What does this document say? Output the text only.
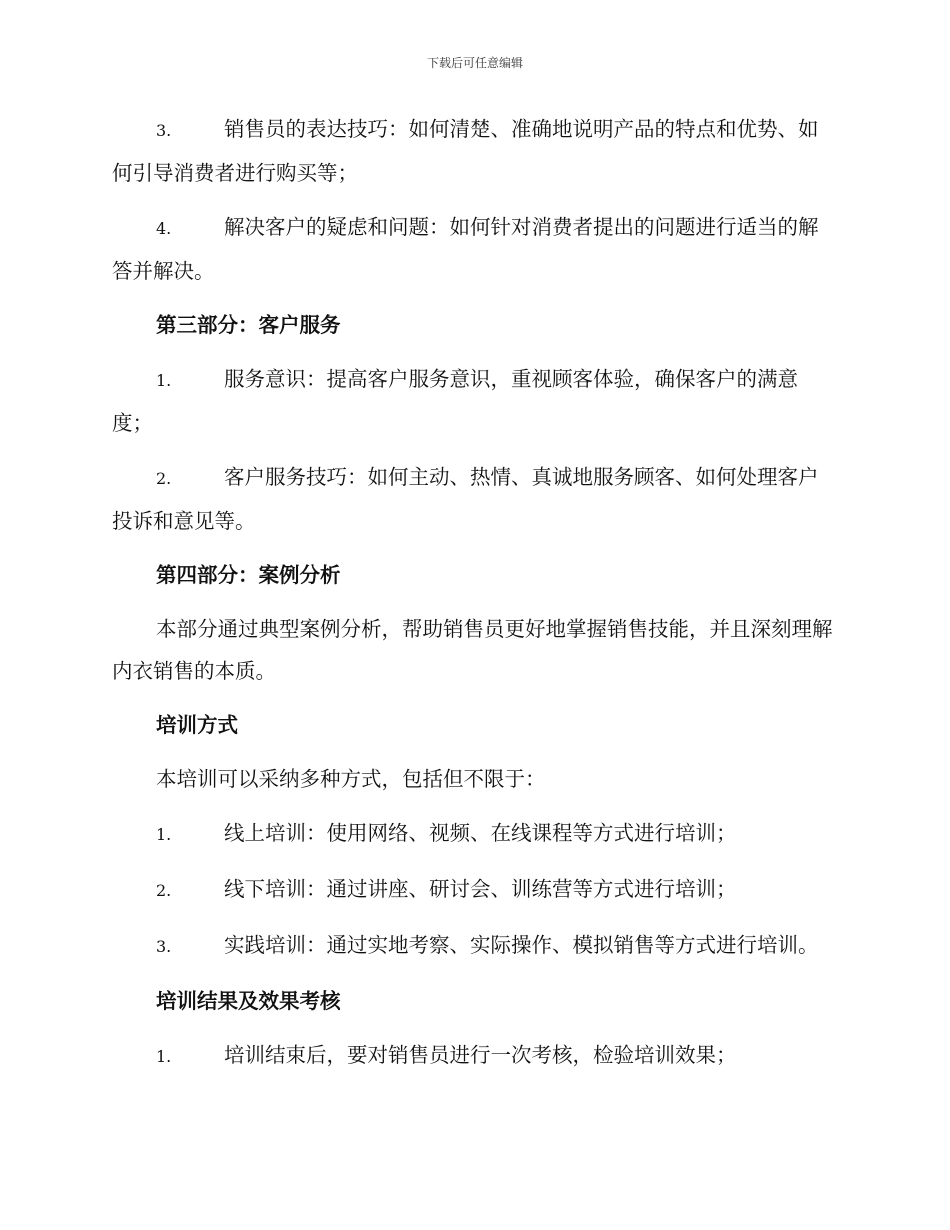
下载后可任意编辑

3.	销售员的表达技巧：如何清楚、准确地说明产品的特点和优势、如何引导消费者进行购买等；

4.	解决客户的疑虑和问题：如何针对消费者提出的问题进行适当的解答并解决。

第三部分：客户服务

1.	服务意识：提高客户服务意识，重视顾客体验，确保客户的满意度；

2.	客户服务技巧：如何主动、热情、真诚地服务顾客、如何处理客户投诉和意见等。

第四部分：案例分析

本部分通过典型案例分析，帮助销售员更好地掌握销售技能，并且深刻理解内衣销售的本质。

培训方式

本培训可以采纳多种方式，包括但不限于：

1.	线上培训：使用网络、视频、在线课程等方式进行培训；

2.	线下培训：通过讲座、研讨会、训练营等方式进行培训；

3.	实践培训：通过实地考察、实际操作、模拟销售等方式进行培训。

培训结果及效果考核

1.	培训结束后，要对销售员进行一次考核，检验培训效果；
